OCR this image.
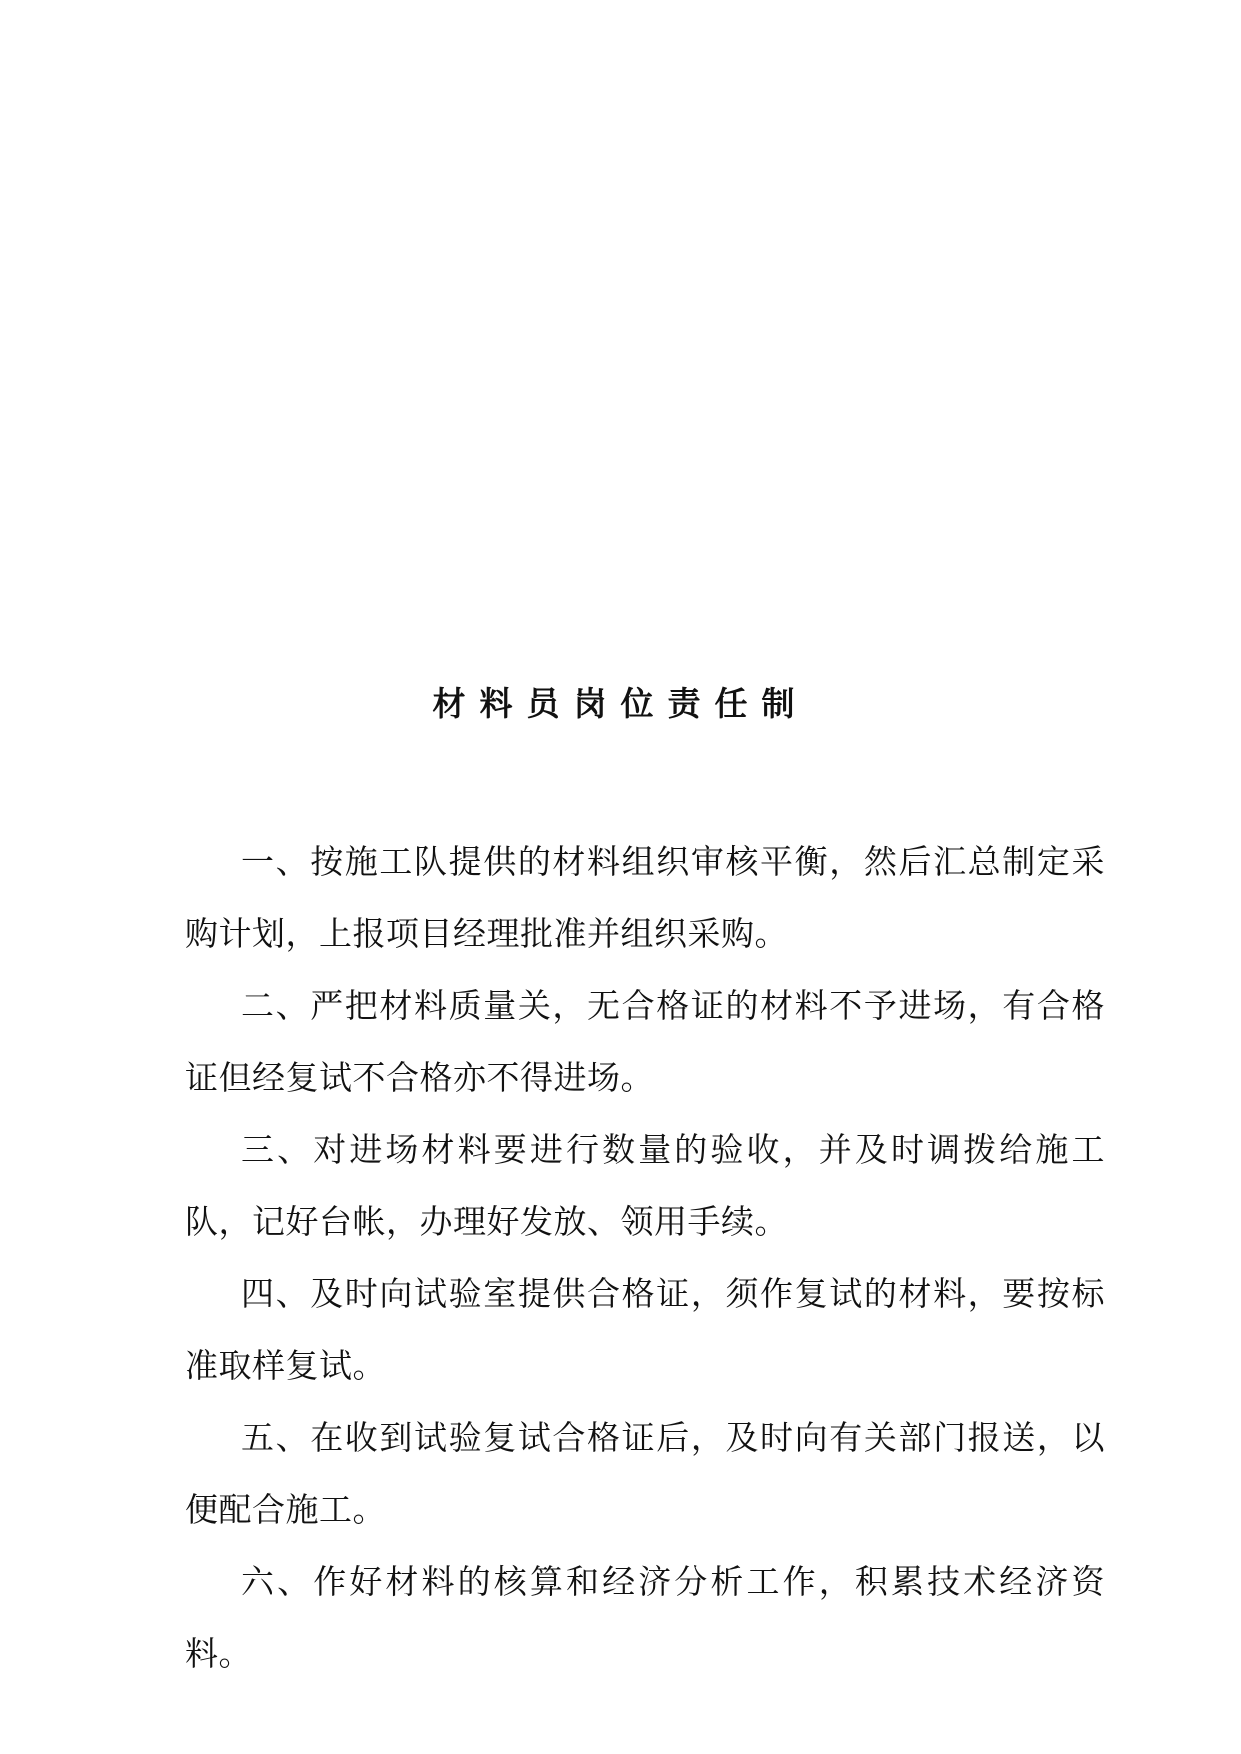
材料员岗位责任制

一、按施工队提供的材料组织审核平衡，然后汇总制定采购计划，上报项目经理批准并组织采购。

二、严把材料质量关，无合格证的材料不予进场，有合格证但经复试不合格亦不得进场。

三、对进场材料要进行数量的验收，并及时调拨给施工队，记好台帐，办理好发放、领用手续。

四、及时向试验室提供合格证，须作复试的材料，要按标准取样复试。

五、在收到试验复试合格证后，及时向有关部门报送，以便配合施工。

六、作好材料的核算和经济分析工作，积累技术经济资料。
